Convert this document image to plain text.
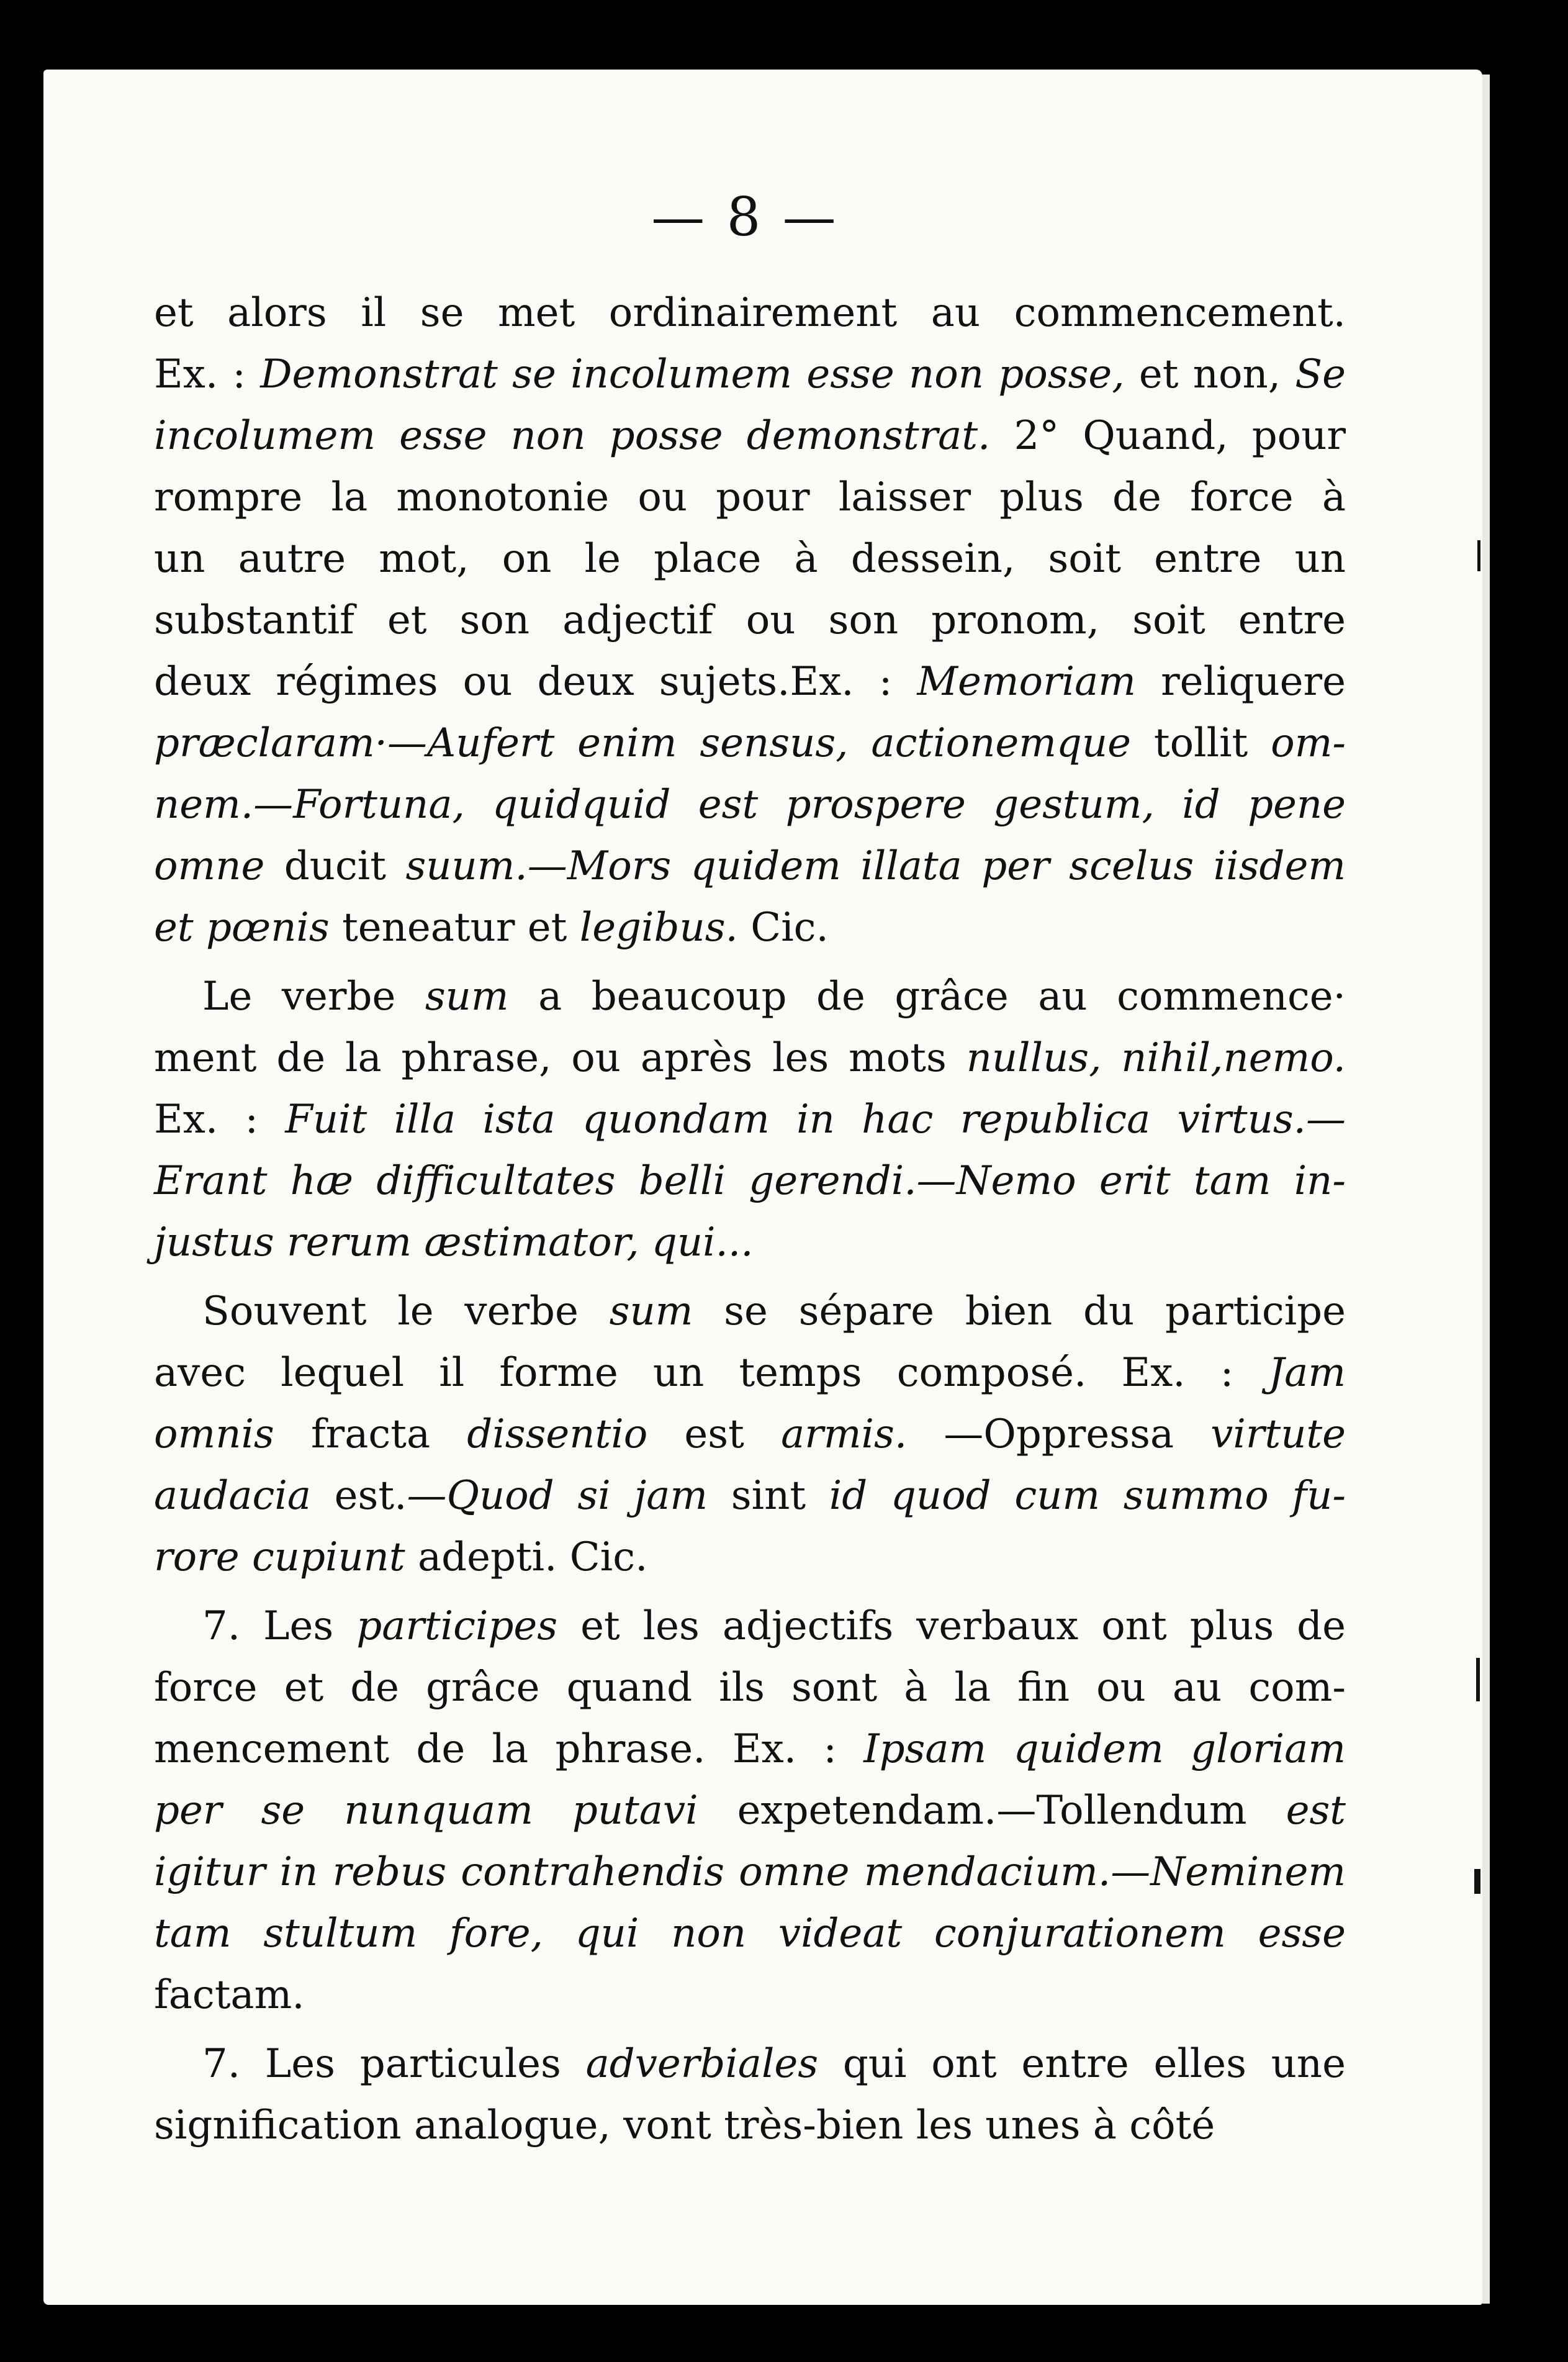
— 8 —
et alors il se met ordinairement au commencement.
Ex. : Demonstrat se incolumem esse non posse, et non, Se
incolumem esse non posse demonstrat. 2° Quand, pour
rompre la monotonie ou pour laisser plus de force à
un autre mot, on le place à dessein, soit entre un
substantif et son adjectif ou son pronom, soit entre
deux régimes ou deux sujets.Ex. : Memoriam reliquere
præclaram·—Aufert enim sensus, actionemque tollit om-
nem.—Fortuna, quidquid est prospere gestum, id pene
omne ducit suum.—Mors quidem illata per scelus iisdem
et pœnis teneatur et legibus. Cic.
Le verbe sum a beaucoup de grâce au commence·
ment de la phrase, ou après les mots nullus, nihil,nemo.
Ex. : Fuit illa ista quondam in hac republica virtus.—
Erant hæ difficultates belli gerendi.—Nemo erit tam in-
justus rerum æstimator, qui...
Souvent le verbe sum se sépare bien du participe
avec lequel il forme un temps composé. Ex. : Jam
omnis fracta dissentio est armis. —Oppressa virtute
audacia est.—Quod si jam sint id quod cum summo fu-
rore cupiunt adepti. Cic.
7. Les participes et les adjectifs verbaux ont plus de
force et de grâce quand ils sont à la fin ou au com-
mencement de la phrase. Ex. : Ipsam quidem gloriam
per se nunquam putavi expetendam.—Tollendum est
igitur in rebus contrahendis omne mendacium.—Neminem
tam stultum fore, qui non videat conjurationem esse
factam.
7. Les particules adverbiales qui ont entre elles une
signification analogue, vont très-bien les unes à côté
